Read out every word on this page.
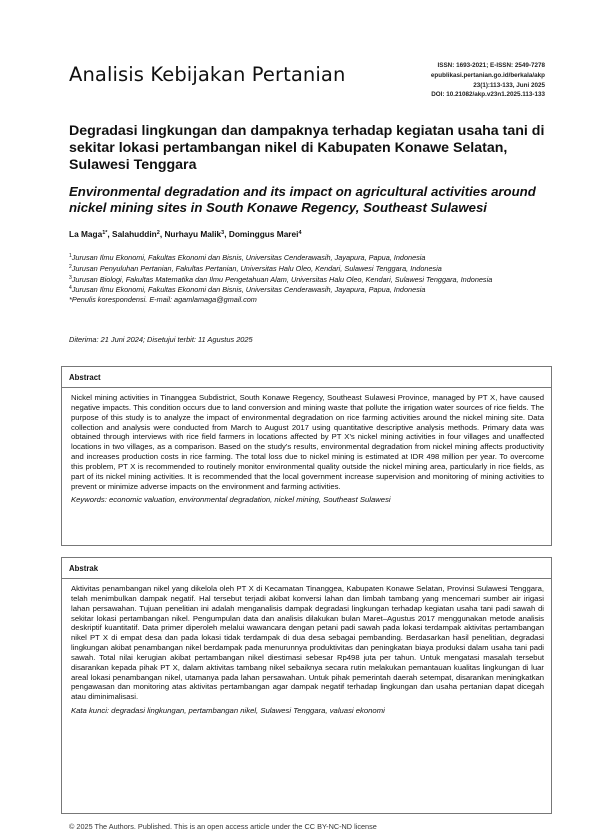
Analisis Kebijakan Pertanian	ISSN: 1693-2021; E-ISSN: 2549-7278
epublikasi.pertanian.go.id/berkala/akp
23(1):113-133, Juni 2025
DOI: 10.21082/akp.v23n1.2025.113-133
Degradasi lingkungan dan dampaknya terhadap kegiatan usaha tani di sekitar lokasi pertambangan nikel di Kabupaten Konawe Selatan, Sulawesi Tenggara
Environmental degradation and its impact on agricultural activities around nickel mining sites in South Konawe Regency, Southeast Sulawesi
La Maga$^{1*}$, Salahuddin$^2$, Nurhayu Malik$^3$, Dominggus Marei$^4$
$^1$Jurusan Ilmu Ekonomi, Fakultas Ekonomi dan Bisnis, Universitas Cenderawasih, Jayapura, Papua, Indonesia
$^2$Jurusan Penyuluhan Pertanian, Fakultas Pertanian, Universitas Halu Oleo, Kendari, Sulawesi Tenggara, Indonesia
$^3$Jurusan Biologi, Fakultas Matematika dan Ilmu Pengetahuan Alam, Universitas Halu Oleo, Kendari, Sulawesi Tenggara, Indonesia
$^4$Jurusan Ilmu Ekonomi, Fakultas Ekonomi dan Bisnis, Universitas Cenderawasih, Jayapura, Papua, Indonesia
*Penulis korespondensi. E-mail: agamlamaga@gmail.com
Diterima: 21 Juni 2024; Disetujui terbit: 11 Agustus 2025
Abstract

Nickel mining activities in Tinanggea Subdistrict, South Konawe Regency, Southeast Sulawesi Province, managed by PT X, have caused negative impacts. This condition occurs due to land conversion and mining waste that pollute the irrigation water sources of rice fields. The purpose of this study is to analyze the impact of environmental degradation on rice farming activities around the nickel mining site. Data collection and analysis were conducted from March to August 2017 using quantitative descriptive analysis methods. Primary data was obtained through interviews with rice field farmers in locations affected by PT X's nickel mining activities in four villages and unaffected locations in two villages, as a comparison. Based on the study's results, environmental degradation from nickel mining affects productivity and increases production costs in rice farming. The total loss due to nickel mining is estimated at IDR 498 million per year. To overcome this problem, PT X is recommended to routinely monitor environmental quality outside the nickel mining area, particularly in rice fields, as part of its nickel mining activities. It is recommended that the local government increase supervision and monitoring of mining activities to prevent or minimize adverse impacts on the environment and farming activities.

Keywords: economic valuation, environmental degradation, nickel mining, Southeast Sulawesi

Abstrak

Aktivitas penambangan nikel yang dikelola oleh PT X di Kecamatan Tinanggea, Kabupaten Konawe Selatan, Provinsi Sulawesi Tenggara, telah menimbulkan dampak negatif. Hal tersebut terjadi akibat konversi lahan dan limbah tambang yang mencemari sumber air irigasi lahan persawahan. Tujuan penelitian ini adalah menganalisis dampak degradasi lingkungan terhadap kegiatan usaha tani padi sawah di sekitar lokasi pertambangan nikel. Pengumpulan data dan analisis dilakukan bulan Maret–Agustus 2017 menggunakan metode analisis deskriptif kuantitatif. Data primer diperoleh melalui wawancara dengan petani padi sawah pada lokasi terdampak aktivitas pertambangan nikel PT X di empat desa dan pada lokasi tidak terdampak di dua desa sebagai pembanding. Berdasarkan hasil penelitian, degradasi lingkungan akibat penambangan nikel berdampak pada menurunnya produktivitas dan peningkatan biaya produksi dalam usaha tani padi sawah. Total nilai kerugian akibat pertambangan nikel diestimasi sebesar Rp498 juta per tahun. Untuk mengatasi masalah tersebut disarankan kepada pihak PT X, dalam aktivitas tambang nikel sebaiknya secara rutin melakukan pemantauan kualitas lingkungan di luar areal lokasi penambangan nikel, utamanya pada lahan persawahan. Untuk pihak pemerintah daerah setempat, disarankan meningkatkan pengawasan dan monitoring atas aktivitas pertambangan agar dampak negatif terhadap lingkungan dan usaha pertanian dapat dicegah atau diminimalisasi.

Kata kunci: degradasi lingkungan, pertambangan nikel, Sulawesi Tenggara, valuasi ekonomi

© 2025 The Authors. Published. This is an open access article under the CC BY-NC-ND license
